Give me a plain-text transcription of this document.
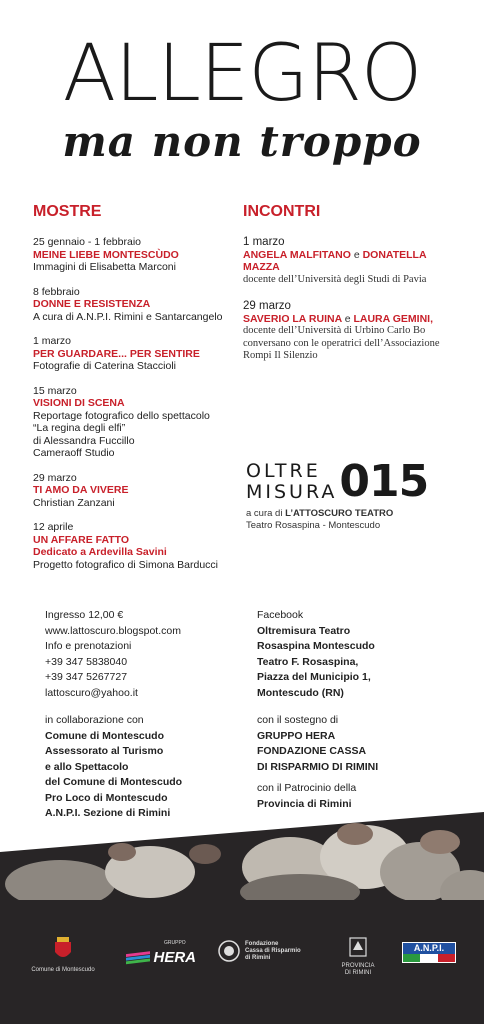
ALLEGRO
ma non troppo
MOSTRE	INCONTRI
25 gennaio - 1 febbraio
MEINE LIEBE MONTESCÙDO
Immagini di Elisabetta Marconi
8 febbraio
DONNE E RESISTENZA
A cura di A.N.P.I. Rimini e Santarcangelo
1 marzo
PER GUARDARE... PER SENTIRE
Fotografie di Caterina Staccioli
15 marzo
VISIONI DI SCENA
Reportage fotografico dello spettacolo
“La regina degli elfi”
di Alessandra Fuccillo
Cameraoff Studio
29 marzo
TI AMO DA VIVERE
Christian Zanzani
12 aprile
UN AFFARE FATTO
Dedicato a Ardevilla Savini
Progetto fotografico di Simona Barducci
1 marzo
ANGELA MALFITANO e DONATELLA MAZZA
docente dell’Università degli Studi di Pavia
29 marzo
SAVERIO LA RUINA e LAURA GEMINI,
docente dell’Università di Urbino Carlo Bo
conversano con le operatrici dell’Associazione
Rompi Il Silenzio
OLTRE
MISURA 015
a cura di L’ATTOSCURO TEATRO
Teatro Rosaspina - Montescudo
Ingresso 12,00 €
www.lattoscuro.blogspot.com
Info e prenotazioni
+39 347 5838040
+39 347 5267727
lattoscuro@yahoo.it
in collaborazione con
Comune di Montescudo
Assessorato al Turismo
e allo Spettacolo
del Comune di Montescudo
Pro Loco di Montescudo
A.N.P.I. Sezione di Rimini
Facebook
Oltremisura Teatro
Rosaspina Montescudo
Teatro F. Rosaspina,
Piazza del Municipio 1,
Montescudo (RN)
con il sostegno di
GRUPPO HERA
FONDAZIONE CASSA
DI RISPARMIO DI RIMINI
con il Patrocinio della
Provincia di Rimini
Comune di Montescudo
GRUPPO
HERA
Fondazione
Cassa di Risparmio
di Rimini
PROVINCIA
DI RIMINI
A.N.P.I.
